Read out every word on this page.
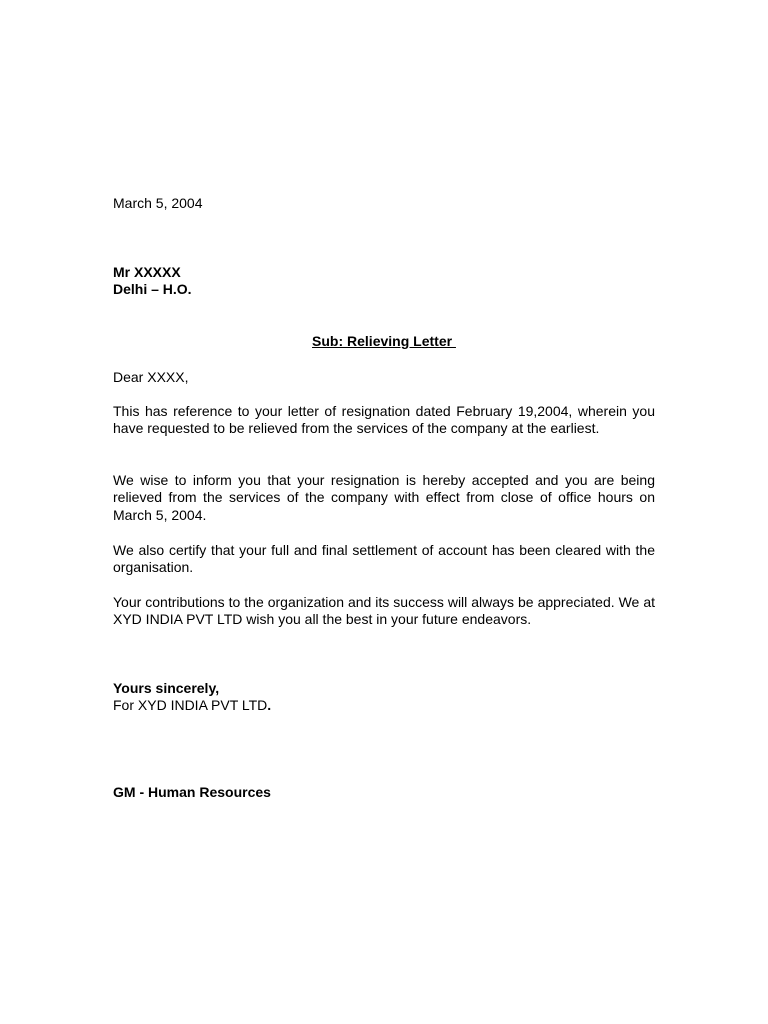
March 5, 2004

Mr XXXXX

Delhi – H.O.

Sub: Relieving Letter

Dear XXXX,

This has reference to your letter of resignation dated February 19,2004, wherein you have requested to be relieved from the services of the company at the earliest.

We wise to inform you that your resignation is hereby accepted and you are being relieved from the services of the company with effect from close of office hours on March 5, 2004.

We also certify that your full and final settlement of account has been cleared with the organisation.

Your contributions to the organization and its success will always be appreciated. We at XYD INDIA PVT LTD wish you all the best in your future endeavors.

Yours sincerely,

For XYD INDIA PVT LTD.

GM - Human Resources
